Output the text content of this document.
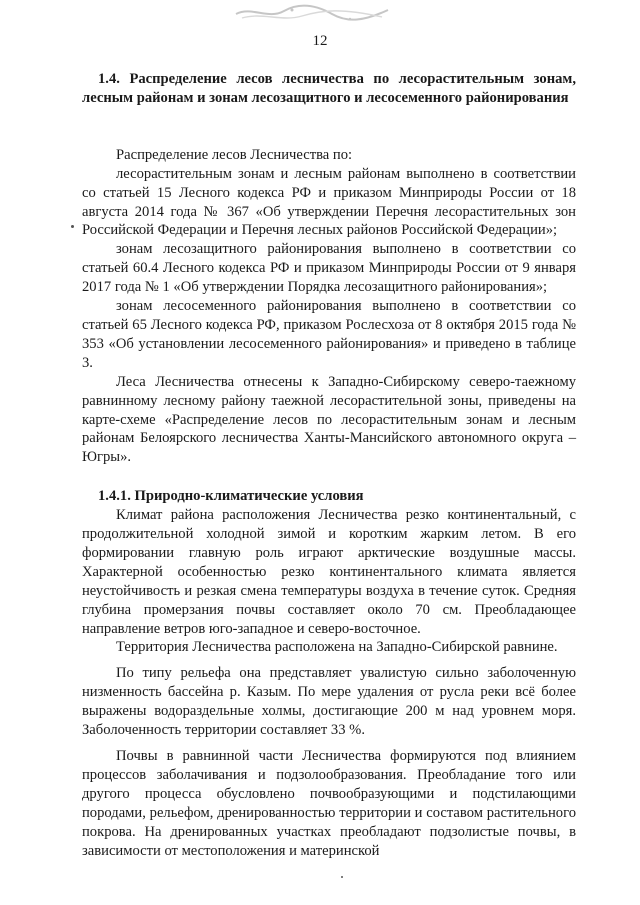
12

1.4. Распределение лесов лесничества по лесорастительным зонам, лесным районам и зонам лесозащитного и лесосеменного районирования

Распределение лесов Лесничества по:

лесорастительным зонам и лесным районам выполнено в соответствии со статьей 15 Лесного кодекса РФ и приказом Минприроды России от 18 августа 2014 года № 367 «Об утверждении Перечня лесорастительных зон Российской Федерации и Перечня лесных районов Российской Федерации»;

зонам лесозащитного районирования выполнено в соответствии со статьей 60.4 Лесного кодекса РФ и приказом Минприроды России от 9 января 2017 года № 1 «Об утверждении Порядка лесозащитного районирования»;

зонам лесосеменного районирования выполнено в соответствии со статьей 65 Лесного кодекса РФ, приказом Рослесхоза от 8 октября 2015 года № 353 «Об установлении лесосеменного районирования» и приведено в таблице 3.

Леса Лесничества отнесены к Западно-Сибирскому северо-таежному равнинному лесному району таежной лесорастительной зоны, приведены на карте-схеме «Распределение лесов по лесорастительным зонам и лесным районам Белоярского лесничества Ханты-Мансийского автономного округа – Югры».

1.4.1. Природно-климатические условия

Климат района расположения Лесничества резко континентальный, с продолжительной холодной зимой и коротким жарким летом. В его формировании главную роль играют арктические воздушные массы. Характерной особенностью резко континентального климата является неустойчивость и резкая смена температуры воздуха в течение суток. Средняя глубина промерзания почвы составляет около 70 см. Преобладающее направление ветров юго-западное и северо-восточное.

Территория Лесничества расположена на Западно-Сибирской равнине.

По типу рельефа она представляет увалистую сильно заболоченную низменность бассейна р. Казым. По мере удаления от русла реки всё более выражены водораздельные холмы, достигающие 200 м над уровнем моря. Заболоченность территории составляет 33 %.

Почвы в равнинной части Лесничества формируются под влиянием процессов заболачивания и подзолообразования. Преобладание того или другого процесса обусловлено почвообразующими и подстилающими породами, рельефом, дренированностью территории и составом растительного покрова. На дренированных участках преобладают подзолистые почвы, в зависимости от местоположения и материнской
